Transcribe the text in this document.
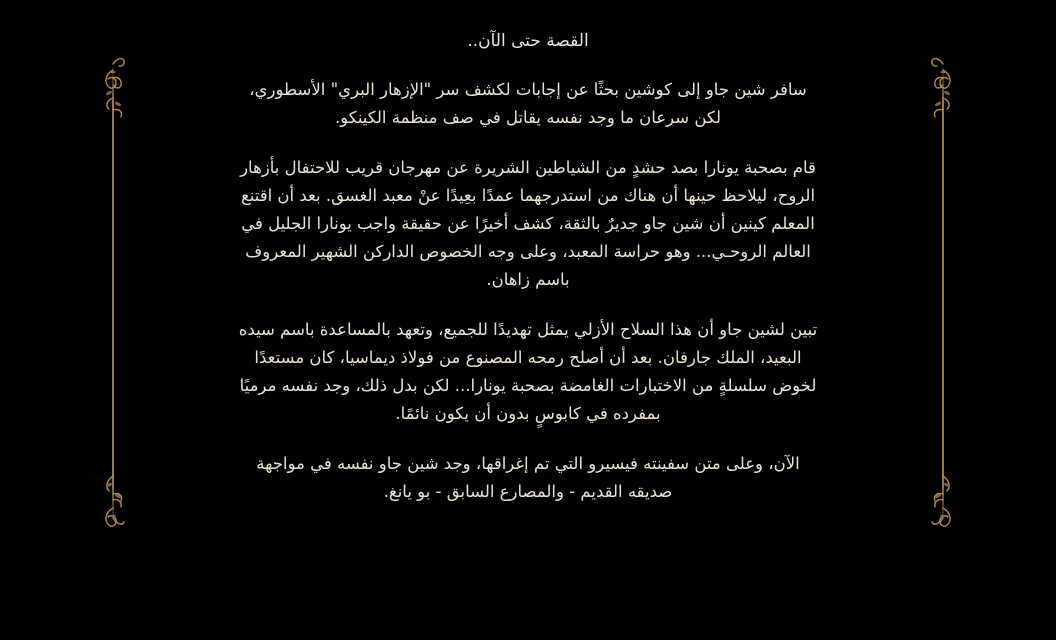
القصة حتى الآن..

سافر شين جاو إلى كوشين بحثًا عن إجابات لكشف سر "الإزهار البري" الأسطوري، لكن سرعان ما وجد نفسه يقاتل في صف منظمة الكينكو.

قام بصحبة يونارا بصد حشدٍ من الشياطين الشريرة عن مهرجان قريب للاحتفال بأزهار الروح، ليلاحظ حينها أن هناك من استدرجهما عمدًا بعِيدًا عنْ معبد الغسق. بعد أن اقتنع المعلم كينين أن شين جاو جديرٌ بالثقة، كشف أخيرًا عن حقيقة واجب يونارا الجليل في العالم الروحـي... وهو حراسة المعبد، وعلى وجه الخصوص الداركن الشهير المعروف باسم زاهان.

تبين لشين جاو أن هذا السلاح الأزلي يمثل تهديدًا للجميع، وتعهد بالمساعدة باسم سيده البعيد، الملك جارفان. بعد أن أصلح رمحه المصنوع من فولاذ ديماسيا، كان مستعدًا لخوض سلسلةٍ من الاختبارات الغامضة بصحبة يونارا... لكن بدل ذلك، وجد نفسه مرميًا بمفرده في كابوسٍ بدون أن يكون نائمًا.

الآن، وعلى متن سفينته فيسيرو التي تم إغراقها، وجد شين جاو نفسه في مواجهة صديقه القديم - والمصارع السابق - بو يانغ.
